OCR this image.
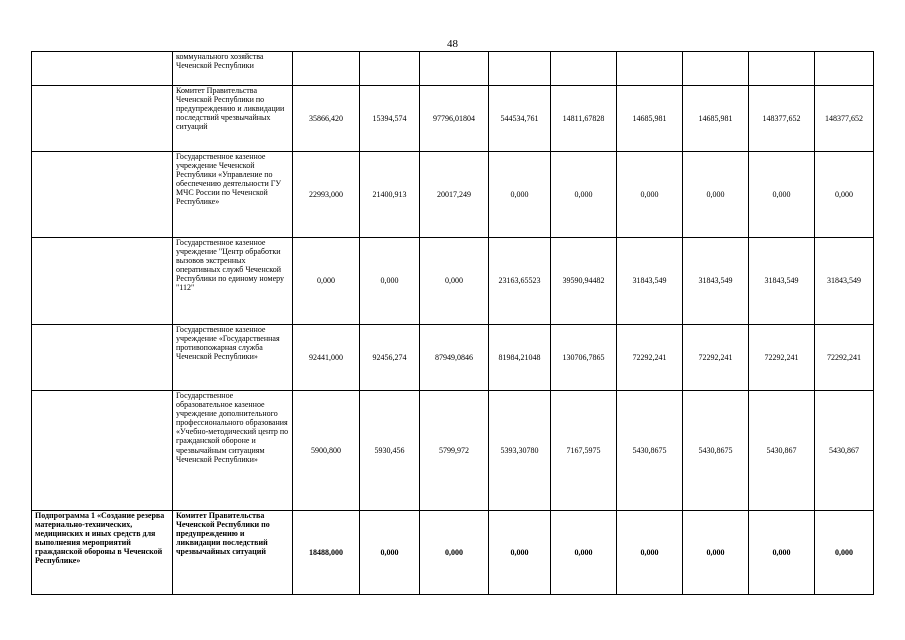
48
	коммунального хозяйства Чеченской Республики									
	Комитет Правительства Чеченской Республики по предупреждению и ликвидации последствий чрезвычайных ситуаций	35866,420	15394,574	97796,01804	544534,761	14811,67828	14685,981	14685,981	148377,652	148377,652
	Государственное казенное учреждение Чеченской Республики «Управление по обеспечению деятельности ГУ МЧС России по Чеченской Республике»	22993,000	21400,913	20017,249	0,000	0,000	0,000	0,000	0,000	0,000
	Государственное казенное учреждение "Центр обработки вызовов экстренных оперативных служб Чеченской Республики по единому номеру "112"	0,000	0,000	0,000	23163,65523	39590,94482	31843,549	31843,549	31843,549	31843,549
	Государственное казенное учреждение «Государственная противопожарная служба Чеченской Республики»	92441,000	92456,274	87949,0846	81984,21048	130706,7865	72292,241	72292,241	72292,241	72292,241
	Государственное образовательное казенное учреждение дополнительного профессионального образования «Учебно-методический центр по гражданской обороне и чрезвычайным ситуациям Чеченской Республики»	5900,800	5930,456	5799,972	5393,30780	7167,5975	5430,8675	5430,8675	5430,867	5430,867
Подпрограмма 1 «Создание резерва материально-технических, медицинских и иных средств для выполнения мероприятий гражданской обороны в Чеченской Республике»	Комитет Правительства Чеченской Республики по предупреждению и ликвидации последствий чрезвычайных ситуаций	18488,000	0,000	0,000	0,000	0,000	0,000	0,000	0,000	0,000
